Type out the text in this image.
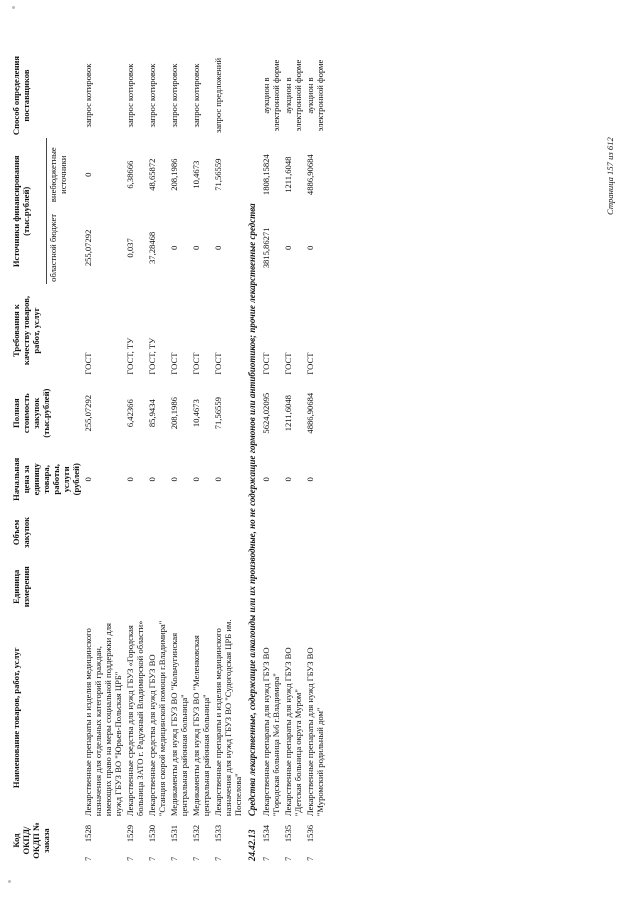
Код ОКПД/ ОКДП № заказа		Наименование товаров, работ, услуг	Единица измерения	Объем закупок	Начальная цена за единицу товара, работы, услуги (рублей)	Полная стоимость закупок (тыс.рублей)	Требования к качеству товаров, работ, услуг	Источники финансирования (тыс.рублей)		Способ определения поставщиков
								областной бюджет	внебюджетные источники	
7	1528	Лекарственные препараты и изделия медицинского назначения для отдельных категорий граждан, имеющих право на меры социальной поддержки для нужд ГБУЗ ВО "Юрьев-Польская ЦРБ"			0	255,07292	ГОСТ	255,07292	0	запрос котировок
7	1529	Лекарственные средства для нужд ГБУЗ «Городская больница ЗАТО г. Радужный Владимирской области»			0	6,42366	ГОСТ, ТУ	0,037	6,38666	запрос котировок
7	1530	Лекарственные средства для нужд ГБУЗ ВО "Станция скорой медицинской помощи г.Владимира"			0	85,9434	ГОСТ, ТУ	37,28468	48,65872	запрос котировок
7	1531	Медикаменты для нужд ГБУЗ ВО "Кольчугинская центральная районная больница"			0	208,1986	ГОСТ	0	208,1986	запрос котировок
7	1532	Медикаменты для нужд ГБУЗ ВО "Меленковская центральная районная больница"			0	10,4673	ГОСТ	0	10,4673	запрос котировок
7	1533	Лекарственные препараты и изделия медицинского назначения для нужд ГБУЗ ВО "Судогодская ЦРБ им. Поспелова"			0	71,56559	ГОСТ	0	71,56559	запрос предложений
24.42.13		Средства лекарственные, содержащие алкалоиды или их производные, но не содержащие гормонов или антибиотиков; прочие лекарственные средства								
7	1534	Лекарственные препараты для нужд ГБУЗ ВО "Городская больница №6 г.Владимира"			0	5624,02095	ГОСТ	3815,86271	1808,15824	аукцион в электронной форме
7	1535	Лекарственные препараты для нужд ГБУЗ ВО "Детская больница округа Муром"			0	1211,6048	ГОСТ	0	1211,6048	аукцион в электронной форме
7	1536	Лекарственные препараты для нужд ГБУЗ ВО "Муромский родильный дом"			0	4886,90684	ГОСТ	0	4886,90684	аукцион в электронной форме
Страница 157 из 612
